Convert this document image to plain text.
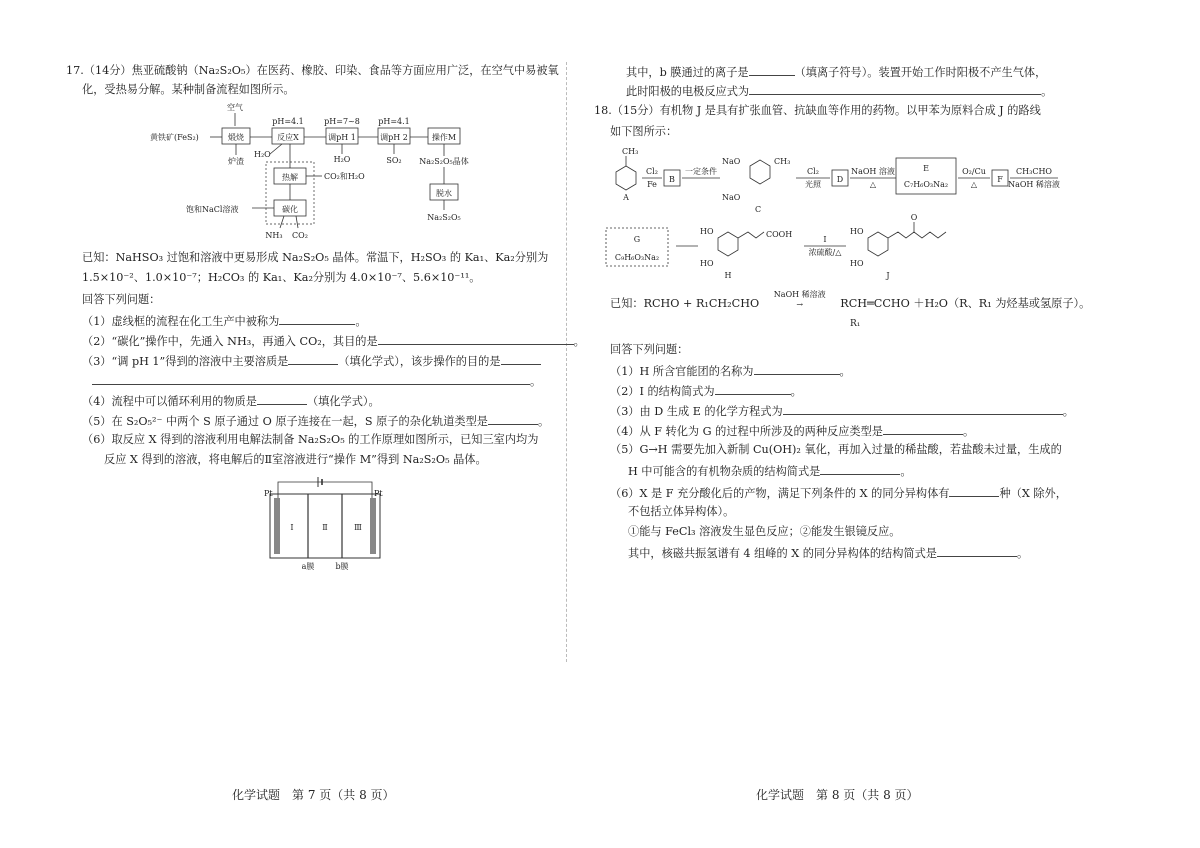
17.（14分）焦亚硫酸钠（Na₂S₂O₅）在医药、橡胶、印染、食品等方面应用广泛，在空气中易被氧
化，受热易分解。某种制备流程如图所示。
空气
黄铁矿(FeS₂)	煅烧
炉渣
pH=4.1
反应X
H₂O
pH=7~8
调pH 1
H₂O
pH=4.1
调pH 2
SO₂
操作M
Na₂S₂O₅晶体
脱水
Na₂S₂O₅
热解	CO₂和H₂O
碳化
饱和NaCl溶液
NH₃ CO₂
已知：NaHSO₃ 过饱和溶液中更易形成 Na₂S₂O₅ 晶体。常温下，H₂SO₃ 的 Ka₁、Ka₂分别为
1.5×10⁻²、1.0×10⁻⁷；H₂CO₃ 的 Ka₁、Ka₂分别为 4.0×10⁻⁷、5.6×10⁻¹¹。
回答下列问题：
（1）虚线框的流程在化工生产中被称为	。
（2）“碳化”操作中，先通入 NH₃，再通入 CO₂，其目的是	。
（3）“调 pH 1”得到的溶液中主要溶质是	（填化学式），该步操作的目的是
。
（4）流程中可以循环利用的物质是	（填化学式）。
（5）在 S₂O₅²⁻ 中两个 S 原子通过 O 原子连接在一起，S 原子的杂化轨道类型是	。
（6）取反应 X 得到的溶液利用电解法制备 Na₂S₂O₅ 的工作原理如图所示，已知三室内均为
反应 X 得到的溶液，将电解后的Ⅱ室溶液进行“操作 M”得到 Na₂S₂O₅ 晶体。
Pt	Pt
Ⅰ	Ⅱ	Ⅲ
a膜	b膜
化学试题　第 7 页（共 8 页）
其中，b 膜通过的离子是	（填离子符号）。装置开始工作时阳极不产生气体，
此时阳极的电极反应式为	。
18.（15分）有机物 J 是具有扩张血管、抗缺血等作用的药物。以甲苯为原料合成 J 的路线
如下图所示：
CH₃
A
Cl₂
Fe
B
一定条件
NaO
NaO
CH₃
C
Cl₂
光照
D
NaOH 溶液
△
E
C₇H₆O₃Na₂
O₂/Cu
△
F
CH₃CHO
NaOH 稀溶液
G
C₉H₆O₃Na₂
HO
HO
COOH
H
I
浓硫酸/△
HO
HO
O
J
已知：RCHO + R₁CH₂CHO
NaOH 稀溶液
→	RCH═CCHO ＋H₂O（R、R₁ 为烃基或氢原子）。
R₁
回答下列问题：
（1）H 所含官能团的名称为	。
（2）I 的结构简式为	。
（3）由 D 生成 E 的化学方程式为	。
（4）从 F 转化为 G 的过程中所涉及的两种反应类型是	。
（5）G→H 需要先加入新制 Cu(OH)₂ 氧化，再加入过量的稀盐酸，若盐酸未过量，生成的
H 中可能含的有机物杂质的结构简式是	。
（6）X 是 F 充分酸化后的产物，满足下列条件的 X 的同分异构体有	种（X 除外，
不包括立体异构体）。
①能与 FeCl₃ 溶液发生显色反应；②能发生银镜反应。
其中，核磁共振氢谱有 4 组峰的 X 的同分异构体的结构简式是	。
化学试题　第 8 页（共 8 页）
